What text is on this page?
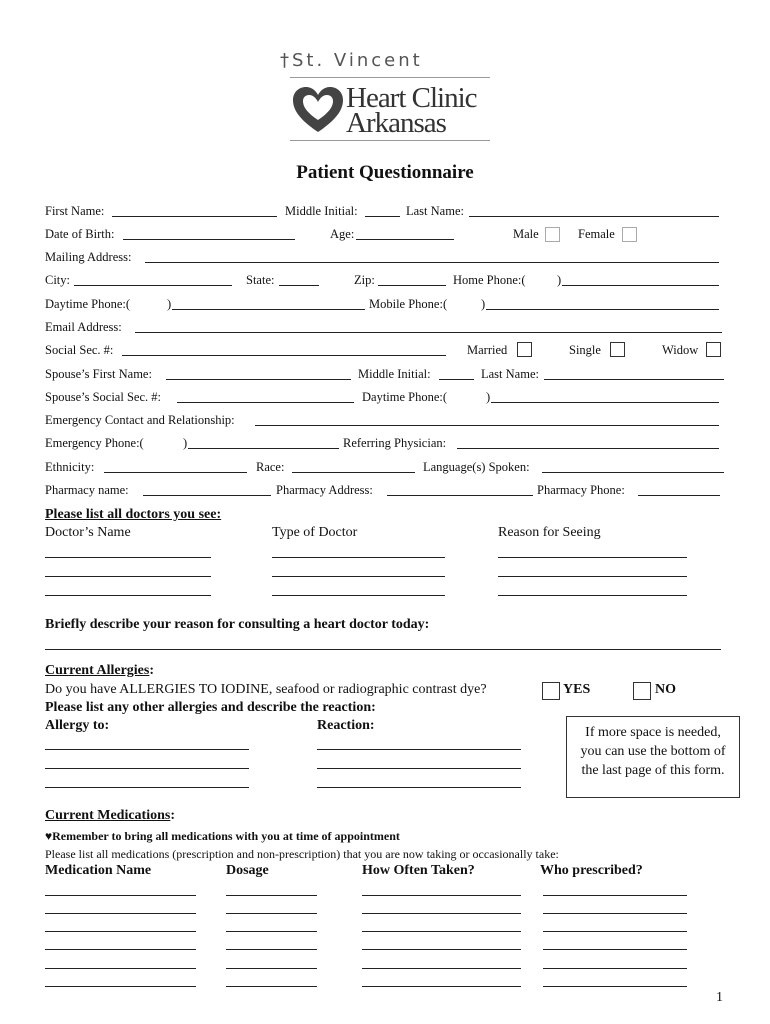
†St. Vincent
Heart Clinic
Arkansas
Patient Questionnaire
First Name:	Middle Initial:	Last Name:
Date of Birth:	Age:	Male	Female
Mailing Address:
City:	State:	Zip:	Home Phone:(	)
Daytime Phone:(	)	Mobile Phone:(	)
Email Address:
Social Sec. #:	Married	Single	Widow
Spouse’s First Name:	Middle Initial:	Last Name:
Spouse’s Social Sec. #:	Daytime Phone:(	)
Emergency Contact and Relationship:
Emergency Phone:(	)	Referring Physician:
Ethnicity:	Race:	Language(s) Spoken:
Pharmacy name:	Pharmacy Address:	Pharmacy Phone:
Please list all doctors you see:
Doctor’s Name	Type of Doctor	Reason for Seeing
Briefly describe your reason for consulting a heart doctor today:
Current Allergies:
Do you have ALLERGIES TO IODINE, seafood or radiographic contrast dye?	YES	NO
Please list any other allergies and describe the reaction:
Allergy to:	Reaction:	If more space is needed,
you can use the bottom of
the last page of this form.
Current Medications:
♥Remember to bring all medications with you at time of appointment
Please list all medications (prescription and non-prescription) that you are now taking or occasionally take:
Medication Name	Dosage	How Often Taken?	Who prescribed?
1
